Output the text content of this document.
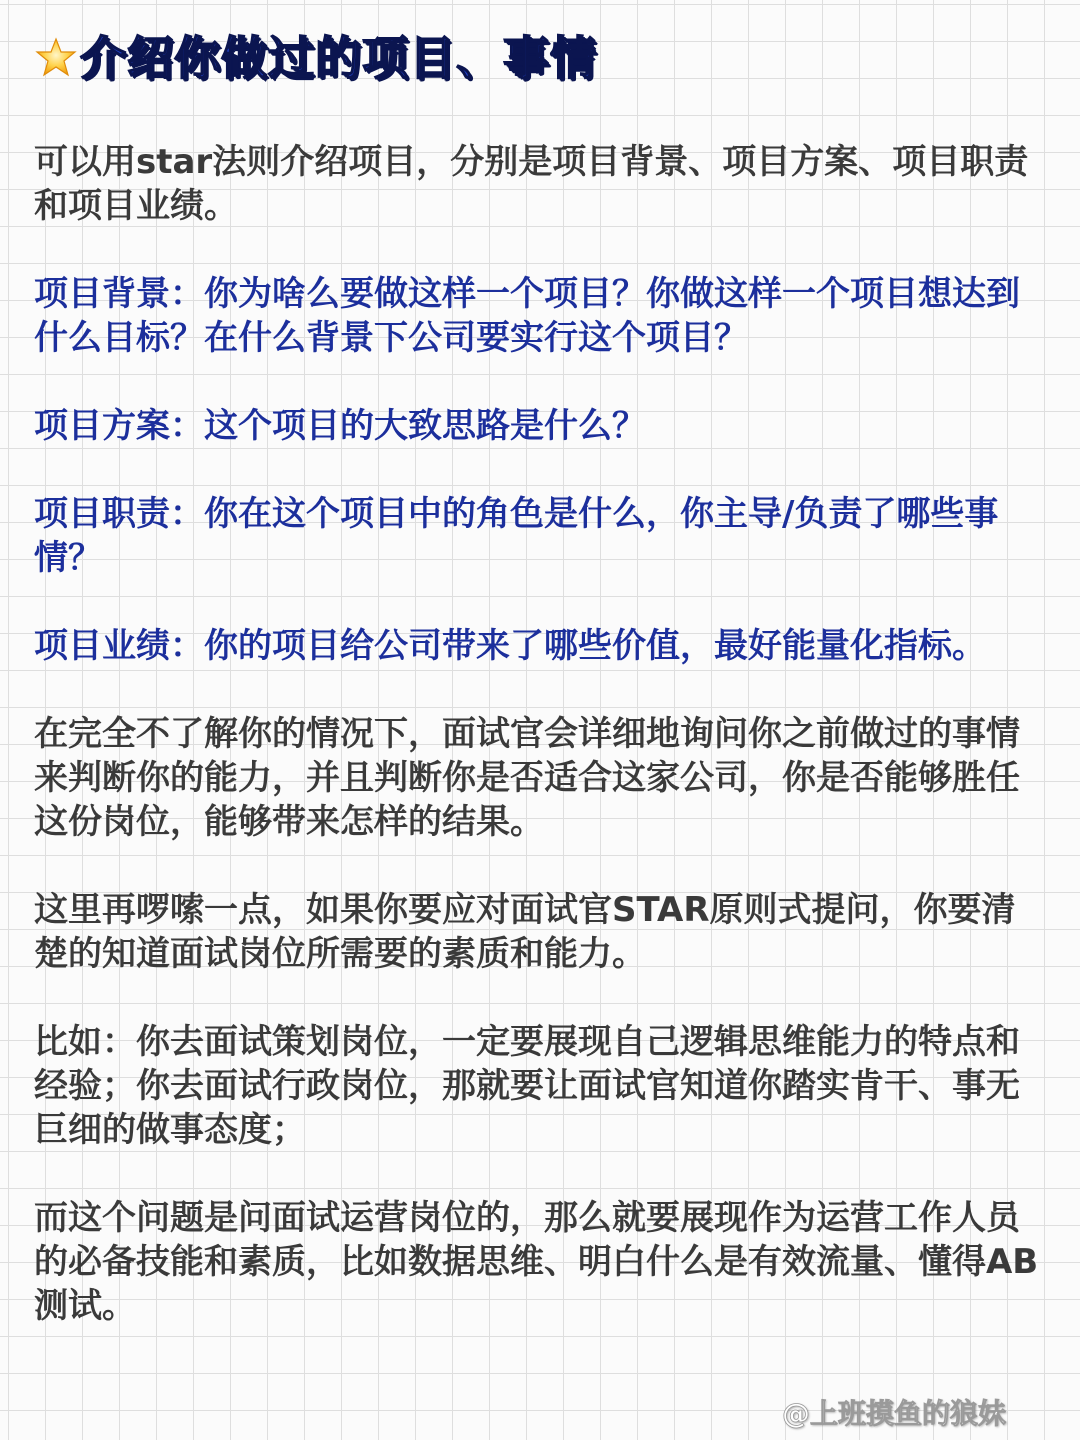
介绍你做过的项目、事情

可以用star法则介绍项目，分别是项目背景、项目方案、项目职责和项目业绩。

项目背景：你为啥么要做这样一个项目？你做这样一个项目想达到什么目标？在什么背景下公司要实行这个项目？

项目方案：这个项目的大致思路是什么？

项目职责：你在这个项目中的角色是什么，你主导/负责了哪些事情？

项目业绩：你的项目给公司带来了哪些价值，最好能量化指标。

在完全不了解你的情况下，面试官会详细地询问你之前做过的事情来判断你的能力，并且判断你是否适合这家公司，你是否能够胜任这份岗位，能够带来怎样的结果。

这里再啰嗦一点，如果你要应对面试官STAR原则式提问，你要清楚的知道面试岗位所需要的素质和能力。

比如：你去面试策划岗位，一定要展现自己逻辑思维能力的特点和经验；你去面试行政岗位，那就要让面试官知道你踏实肯干、事无巨细的做事态度；

而这个问题是问面试运营岗位的，那么就要展现作为运营工作人员的必备技能和素质，比如数据思维、明白什么是有效流量、懂得AB测试。

@上班摸鱼的狼妹
